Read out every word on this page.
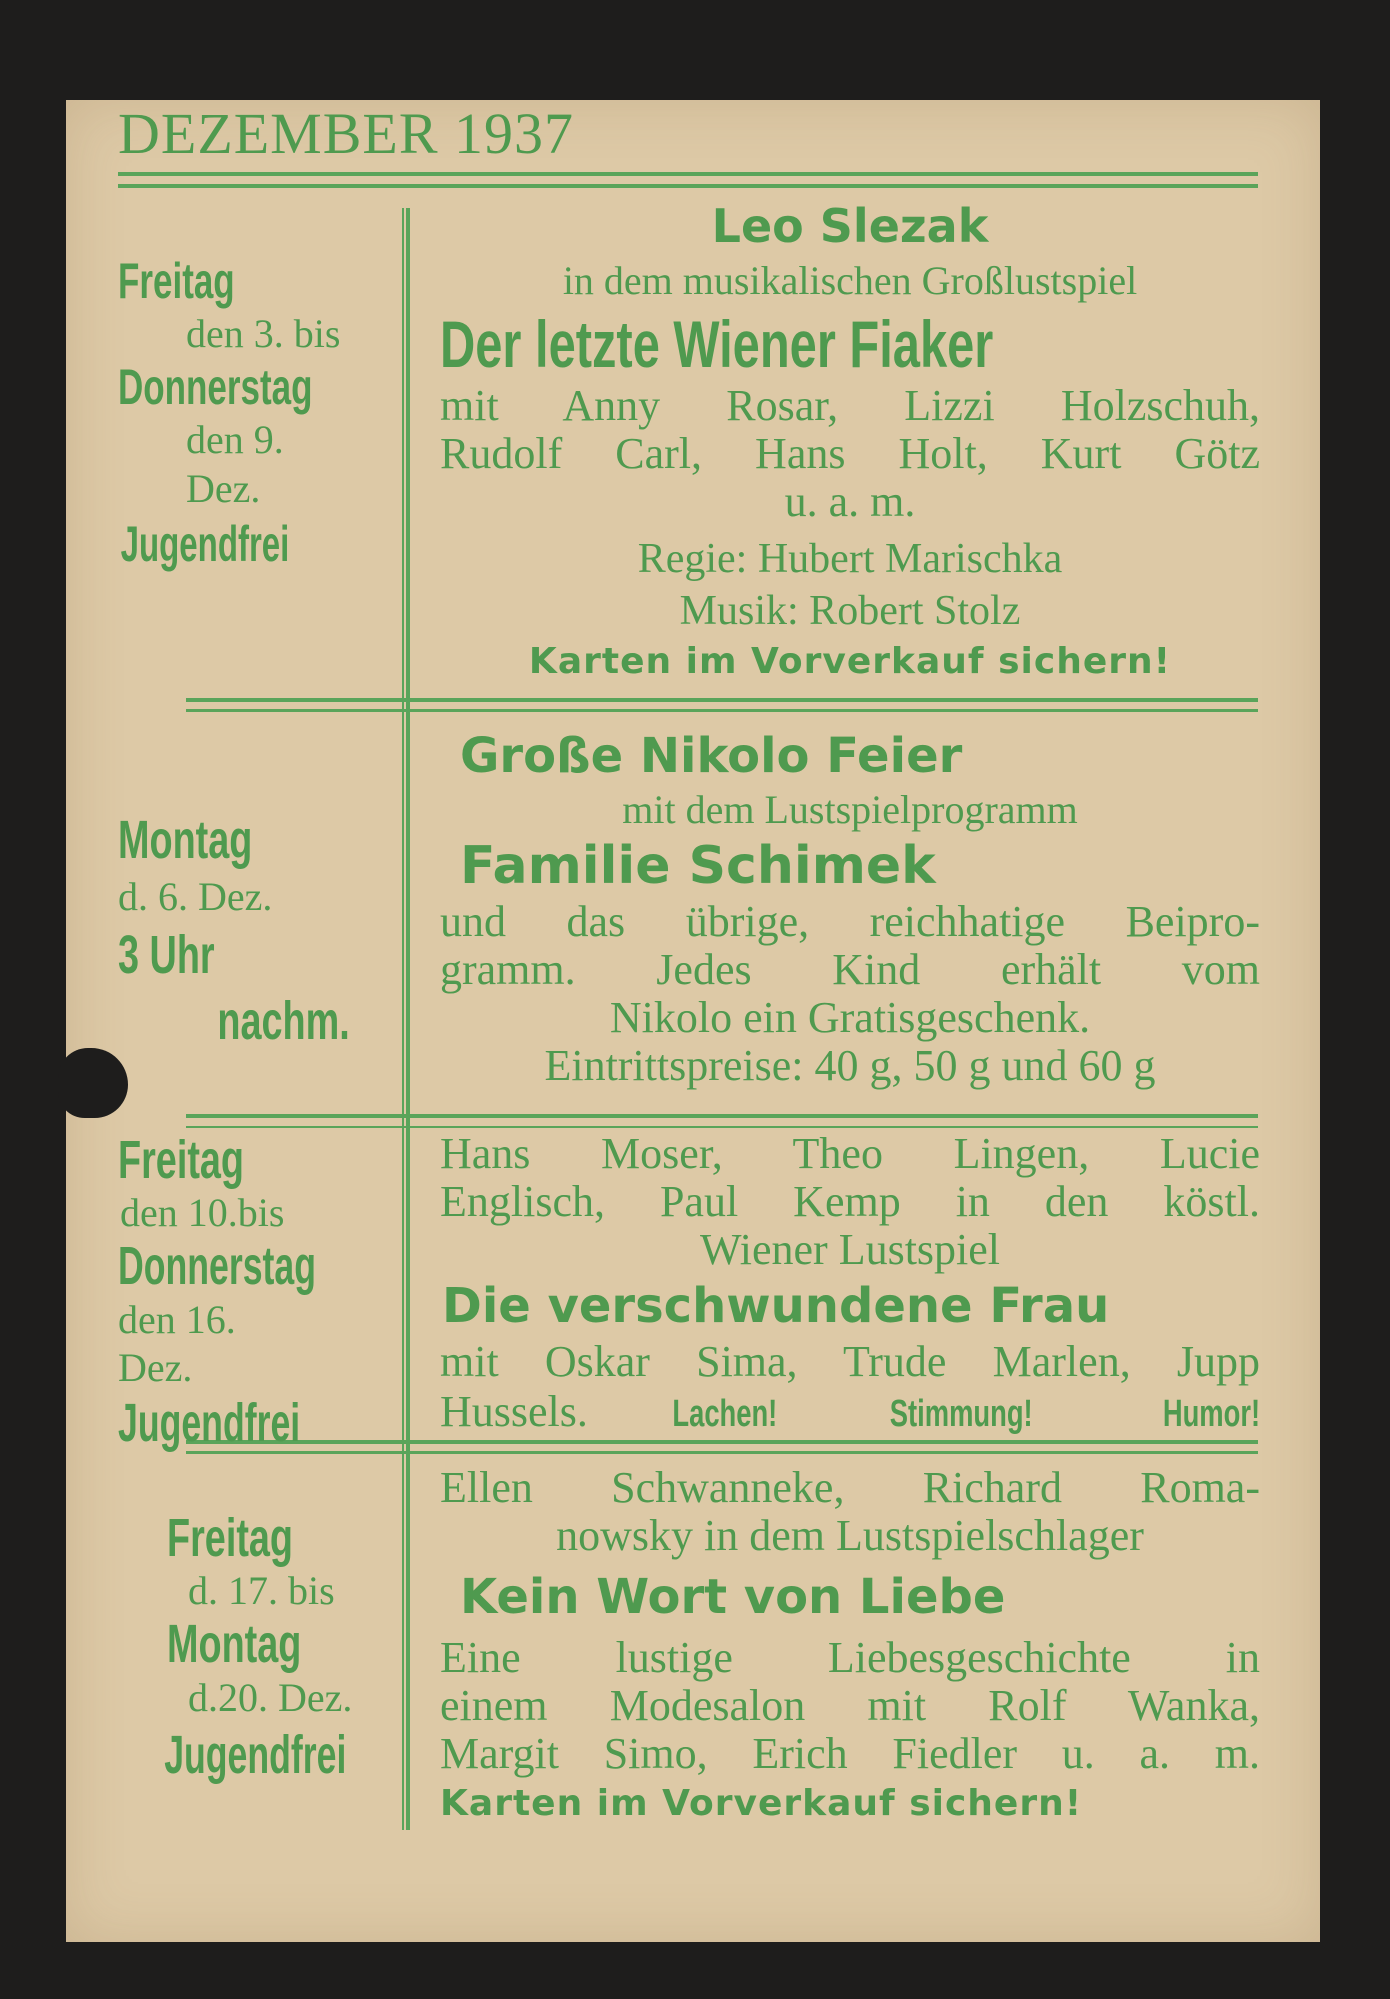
DEZEMBER 1937
Freitag
den 3. bis
Donnerstag
den 9.
Dez.
Jugendfrei
Leo Slezak
in dem musikalischen Großlustspiel
Der letzte Wiener Fiaker
mit Anny Rosar, Lizzi Holzschuh,
Rudolf Carl, Hans Holt, Kurt Götz
u. a. m.
Regie: Hubert Marischka
Musik: Robert Stolz
Karten im Vorverkauf sichern!
Montag
d. 6. Dez.
3 Uhr
nachm.
Große Nikolo Feier
mit dem Lustspielprogramm
Familie Schimek
und das übrige, reichhatige Beipro-
gramm. Jedes Kind erhält vom
Nikolo ein Gratisgeschenk.
Eintrittspreise: 40 g, 50 g und 60 g
Freitag
den 10.bis
Donnerstag
den 16.
Dez.
Jugendfrei
Hans Moser, Theo Lingen, Lucie
Englisch, Paul Kemp in den köstl.
Wiener Lustspiel
Die verschwundene Frau
mit Oskar Sima, Trude Marlen, Jupp
Hussels. Lachen!	Stimmung!	Humor!
Freitag
d. 17. bis
Montag
d.20. Dez.
Jugendfrei
Ellen Schwanneke, Richard Roma-
nowsky in dem Lustspielschlager
Kein Wort von Liebe
Eine lustige Liebesgeschichte in
einem Modesalon mit Rolf Wanka,
Margit Simo, Erich Fiedler u. a. m.
Karten im Vorverkauf sichern!
